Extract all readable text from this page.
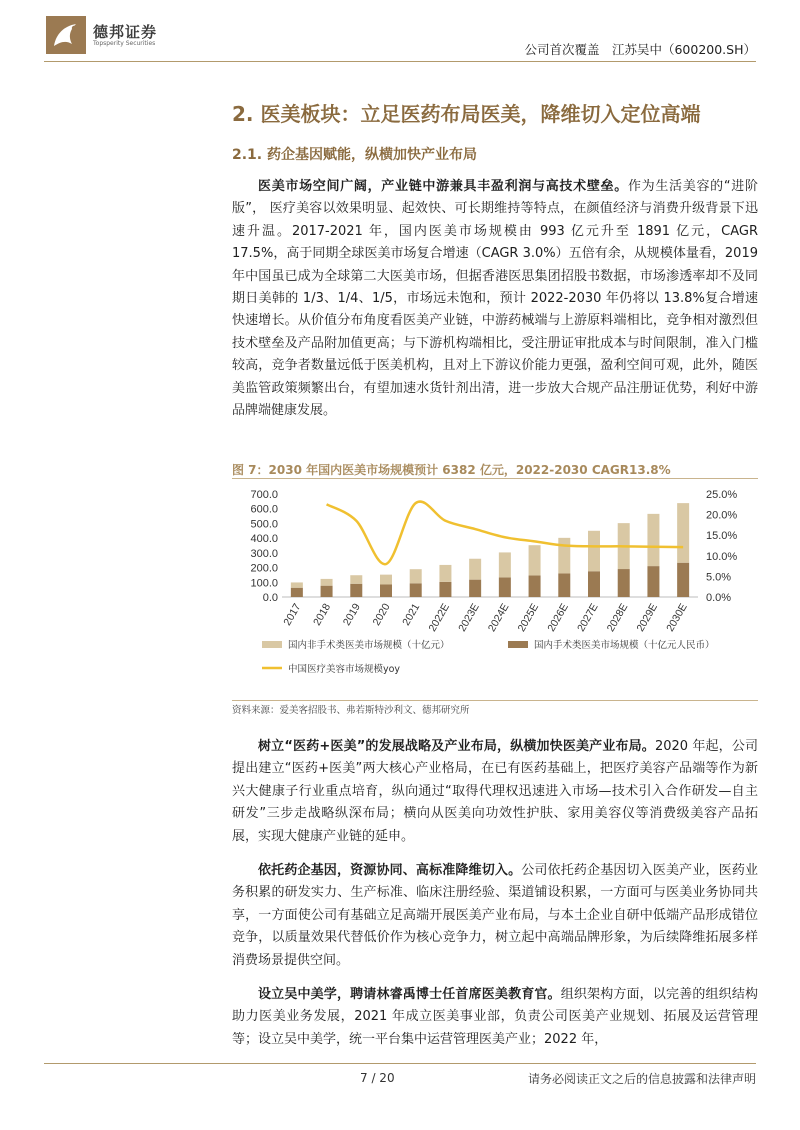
德邦证券
Topsperity Securities	公司首次覆盖　江苏吴中（600200.SH）
2. 医美板块：立足医药布局医美，降维切入定位高端
2.1. 药企基因赋能，纵横加快产业布局

医美市场空间广阔，产业链中游兼具丰盈利润与高技术壁垒。作为生活美容的“进阶版”， 医疗美容以效果明显、起效快、可长期维持等特点，在颜值经济与消费升级背景下迅速升温。2017-2021 年，国内医美市场规模由 993 亿元升至 1891 亿元，CAGR 17.5%，高于同期全球医美市场复合增速（CAGR 3.0%）五倍有余，从规模体量看，2019 年中国虽已成为全球第二大医美市场，但据香港医思集团招股书数据，市场渗透率却不及同期日美韩的 1/3、1/4、1/5，市场远未饱和，预计 2022-2030 年仍将以 13.8%复合增速快速增长。从价值分布角度看医美产业链，中游药械端与上游原料端相比，竞争相对激烈但技术壁垒及产品附加值更高；与下游机构端相比，受注册证审批成本与时间限制，准入门槛较高，竞争者数量远低于医美机构，且对上下游议价能力更强，盈利空间可观，此外，随医美监管政策频繁出台，有望加速水货针剂出清，进一步放大合规产品注册证优势，利好中游品牌端健康发展。

图 7：2030 年国内医美市场规模预计 6382 亿元，2022-2030 CAGR13.8%
0.0
100.0
200.0
300.0
400.0
500.0
600.0
700.0
0.0%
5.0%
10.0%
15.0%
20.0%
25.0%
2017 2018 2019 2020 2021 2022E 2023E 2024E 2025E 2026E 2027E 2028E 2029E 2030E
国内非手术类医美市场规模（十亿元）	国内手术类医美市场规模（十亿元人民币）
中国医疗美容市场规模yoy
资料来源：爱美客招股书、弗若斯特沙利文、德邦研究所

树立“医药+医美”的发展战略及产业布局，纵横加快医美产业布局。2020 年起，公司提出建立“医药+医美”两大核心产业格局，在已有医药基础上，把医疗美容产品端等作为新兴大健康子行业重点培育，纵向通过“取得代理权迅速进入市场—技术引入合作研发—自主研发”三步走战略纵深布局；横向从医美向功效性护肤、家用美容仪等消费级美容产品拓展，实现大健康产业链的延申。

依托药企基因，资源协同、高标准降维切入。公司依托药企基因切入医美产业，医药业务积累的研发实力、生产标准、临床注册经验、渠道铺设积累，一方面可与医美业务协同共享，一方面使公司有基础立足高端开展医美产业布局，与本土企业自研中低端产品形成错位竞争，以质量效果代替低价作为核心竞争力，树立起中高端品牌形象，为后续降维拓展多样消费场景提供空间。

设立吴中美学，聘请林睿禹博士任首席医美教育官。组织架构方面，以完善的组织结构助力医美业务发展，2021 年成立医美事业部，负责公司医美产业规划、拓展及运营管理等；设立吴中美学，统一平台集中运营管理医美产业；2022 年，

7 / 20	请务必阅读正文之后的信息披露和法律声明
